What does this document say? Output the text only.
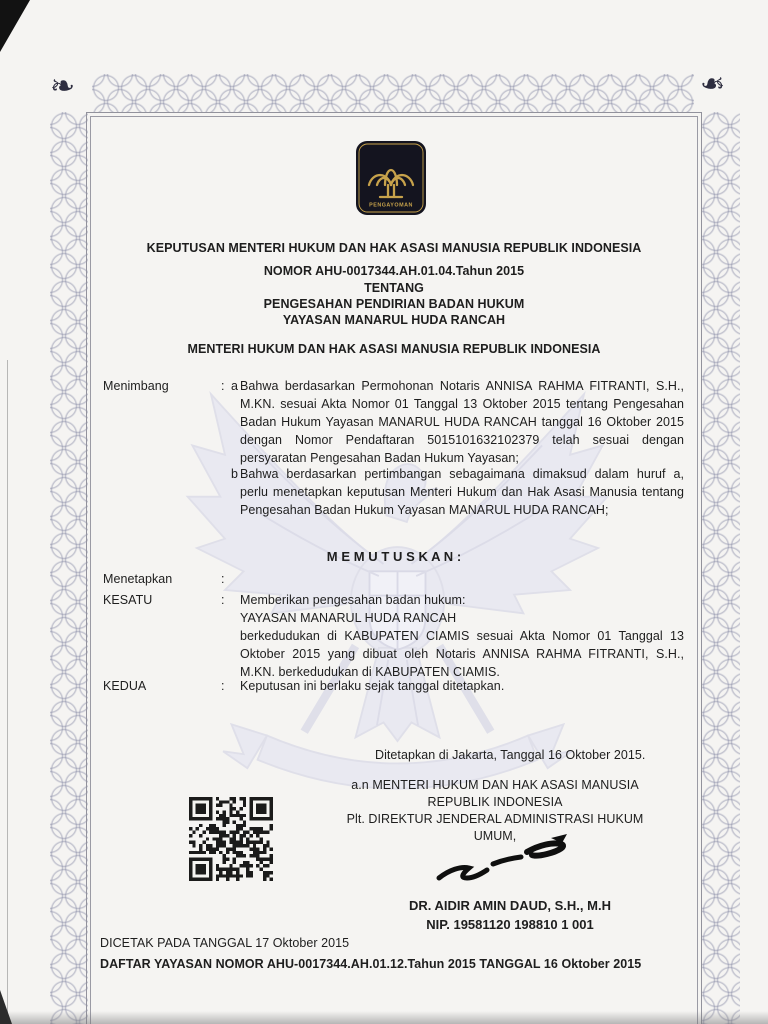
❧	❧
PENGAYOMAN
KEPUTUSAN MENTERI HUKUM DAN HAK ASASI MANUSIA REPUBLIK INDONESIA
NOMOR AHU-0017344.AH.01.04.Tahun 2015
TENTANG
PENGESAHAN PENDIRIAN BADAN HUKUM
YAYASAN MANARUL HUDA RANCAH
MENTERI HUKUM DAN HAK ASASI MANUSIA REPUBLIK INDONESIA
Menimbang	: a Bahwa berdasarkan Permohonan Notaris ANNISA RAHMA FITRANTI, S.H., M.KN. sesuai Akta Nomor 01 Tanggal 13 Oktober 2015 tentang Pengesahan Badan Hukum Yayasan MANARUL HUDA RANCAH tanggal 16 Oktober 2015 dengan Nomor Pendaftaran 5015101632102379 telah sesuai dengan persyaratan Pengesahan Badan Hukum Yayasan;
b Bahwa berdasarkan pertimbangan sebagaimana dimaksud dalam huruf a, perlu menetapkan keputusan Menteri Hukum dan Hak Asasi Manusia tentang Pengesahan Badan Hukum Yayasan MANARUL HUDA RANCAH;
M E M U T U S K A N :
Menetapkan	:
KESATU	: Memberikan pengesahan badan hukum:
YAYASAN MANARUL HUDA RANCAH
berkedudukan di KABUPATEN CIAMIS sesuai Akta Nomor 01 Tanggal 13 Oktober 2015 yang dibuat oleh Notaris ANNISA RAHMA FITRANTI, S.H., M.KN. berkedudukan di KABUPATEN CIAMIS.
KEDUA	: Keputusan ini berlaku sejak tanggal ditetapkan.
Ditetapkan di Jakarta, Tanggal 16 Oktober 2015.
a.n MENTERI HUKUM DAN HAK ASASI MANUSIA
REPUBLIK INDONESIA
Plt. DIREKTUR JENDERAL ADMINISTRASI HUKUM UMUM,
DR. AIDIR AMIN DAUD, S.H., M.H
NIP. 19581120 198810 1 001
DICETAK PADA TANGGAL 17 Oktober 2015
DAFTAR YAYASAN NOMOR AHU-0017344.AH.01.12.Tahun 2015 TANGGAL 16 Oktober 2015
